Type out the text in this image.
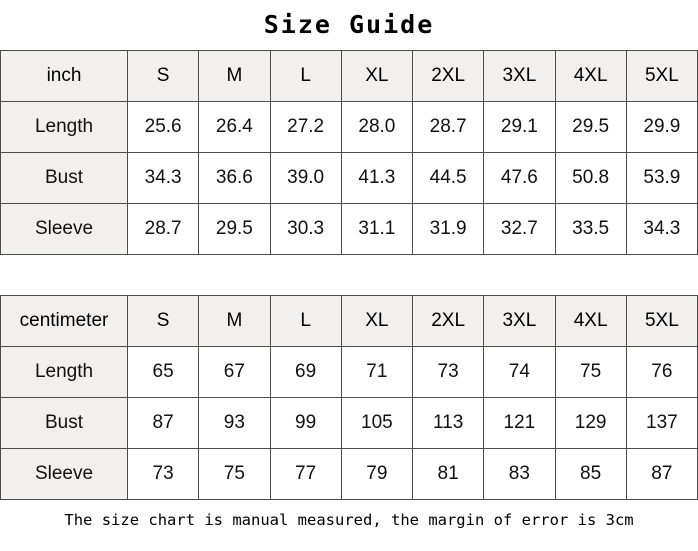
Size Guide
inch	S	M	L	XL	2XL	3XL	4XL	5XL
Length	25.6	26.4	27.2	28.0	28.7	29.1	29.5	29.9
Bust	34.3	36.6	39.0	41.3	44.5	47.6	50.8	53.9
Sleeve	28.7	29.5	30.3	31.1	31.9	32.7	33.5	34.3
centimeter	S	M	L	XL	2XL	3XL	4XL	5XL
Length	65	67	69	71	73	74	75	76
Bust	87	93	99	105	113	121	129	137
Sleeve	73	75	77	79	81	83	85	87
The size chart is manual measured, the margin of error is 3cm
